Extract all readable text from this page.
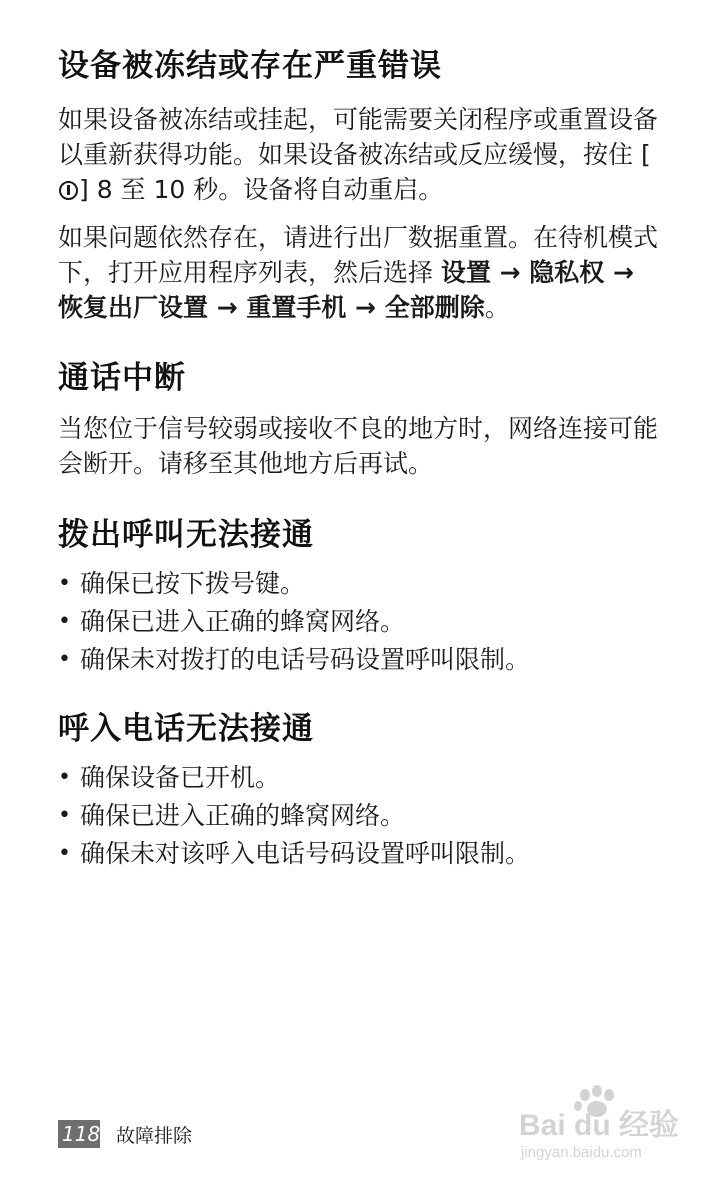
设备被冻结或存在严重错误

如果设备被冻结或挂起，可能需要关闭程序或重置设备以重新获得功能。如果设备被冻结或反应缓慢，按住 [] 8 至 10 秒。设备将自动重启。

如果问题依然存在，请进行出厂数据重置。在待机模式下，打开应用程序列表，然后选择 设置 → 隐私权 → 恢复出厂设置 → 重置手机 → 全部删除。

通话中断

当您位于信号较弱或接收不良的地方时，网络连接可能会断开。请移至其他地方后再试。

拨出呼叫无法接通
• 确保已按下拨号键。
• 确保已进入正确的蜂窝网络。
• 确保未对拨打的电话号码设置呼叫限制。
呼入电话无法接通
• 确保设备已开机。
• 确保已进入正确的蜂窝网络。
• 确保未对该呼入电话号码设置呼叫限制。
118 故障排除	Bai du 经验
jingyan.baidu.com
